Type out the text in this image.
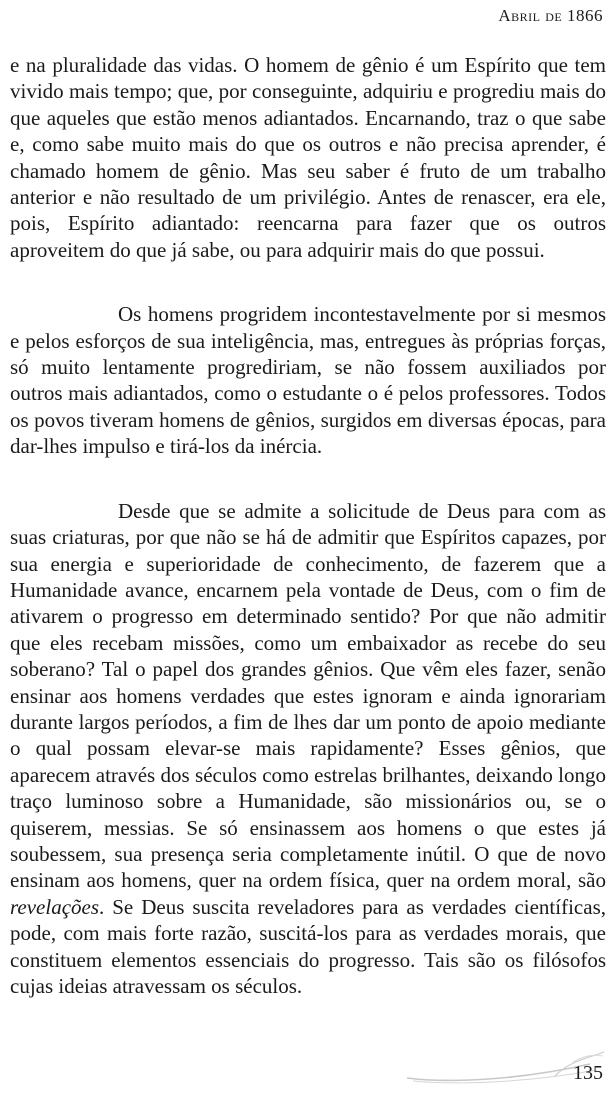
Abril de 1866

e na pluralidade das vidas. O homem de gênio é um Espírito que tem vivido mais tempo; que, por conseguinte, adquiriu e progrediu mais do que aqueles que estão menos adiantados. Encarnando, traz o que sabe e, como sabe muito mais do que os outros e não precisa aprender, é chamado homem de gênio. Mas seu saber é fruto de um trabalho anterior e não resultado de um privilégio. Antes de renascer, era ele, pois, Espírito adiantado: reencarna para fazer que os outros aproveitem do que já sabe, ou para adquirir mais do que possui.

Os homens progridem incontestavelmente por si mesmos e pelos esforços de sua inteligência, mas, entregues às próprias forças, só muito lentamente progrediriam, se não fossem auxiliados por outros mais adiantados, como o estudante o é pelos professores. Todos os povos tiveram homens de gênios, surgidos em diversas épocas, para dar-lhes impulso e tirá-los da inércia.

Desde que se admite a solicitude de Deus para com as suas criaturas, por que não se há de admitir que Espíritos capazes, por sua energia e superioridade de conhecimento, de fazerem que a Humanidade avance, encarnem pela vontade de Deus, com o fim de ativarem o progresso em determinado sentido? Por que não admitir que eles recebam missões, como um embaixador as recebe do seu soberano? Tal o papel dos grandes gênios. Que vêm eles fazer, senão ensinar aos homens verdades que estes ignoram e ainda ignorariam durante largos períodos, a fim de lhes dar um ponto de apoio mediante o qual possam elevar-se mais rapidamente? Esses gênios, que aparecem através dos séculos como estrelas brilhantes, deixando longo traço luminoso sobre a Humanidade, são missionários ou, se o quiserem, messias. Se só ensinassem aos homens o que estes já soubessem, sua presença seria completamente inútil. O que de novo ensinam aos homens, quer na ordem física, quer na ordem moral, são revelações. Se Deus suscita reveladores para as verdades científicas, pode, com mais forte razão, suscitá-los para as verdades morais, que constituem elementos essenciais do progresso. Tais são os filósofos cujas ideias atravessam os séculos.

135
